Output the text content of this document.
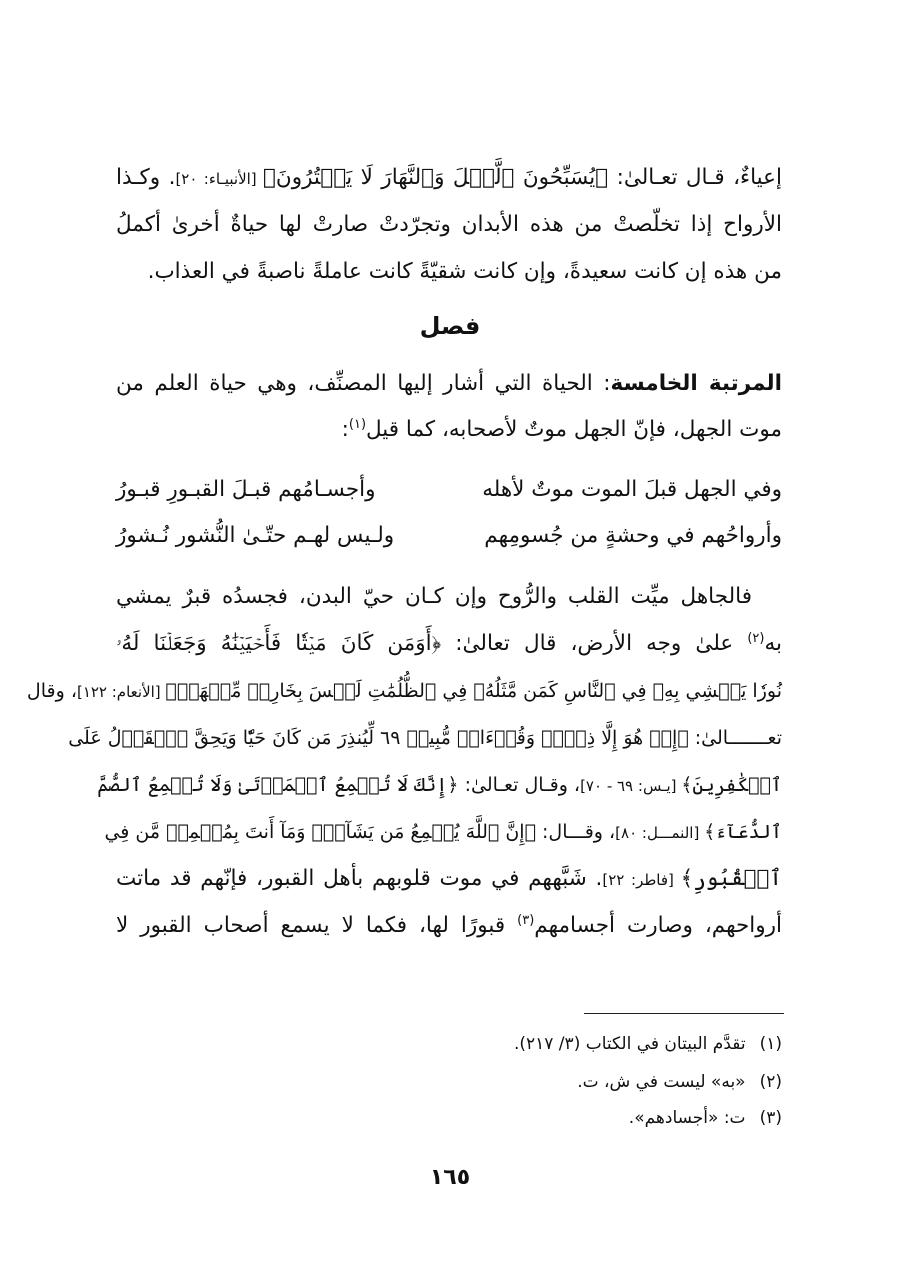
إعياءٌ، قـال تعـالىٰ: ﴿يُسَبِّحُونَ ٱلَّيۡلَ وَٱلنَّهَارَ لَا يَفۡتُرُونَ﴾ [الأنبيـاء: ٢٠]. وكـذا
الأرواح إذا تخلّصتْ من هذه الأبدان وتجرّدتْ صارتْ لها حياةٌ أخرىٰ أكملُ
من هذه إن كانت سعيدةً، وإن كانت شقيّةً كانت عاملةً ناصبةً في العذاب.
فصل
المرتبة الخامسة: الحياة التي أشار إليها المصنِّف، وهي حياة العلم من
موت الجهل، فإنّ الجهل موتٌ لأصحابه، كما قيل$^{(١)}$:
وفي الجهل قبلَ الموت موتٌ لأهله
وأجسـامُهم قبـلَ القبـورِ قبـورُ
وأرواحُهم في وحشةٍ من جُسومِهم
ولـيس لهـم حتّـىٰ النُّشور نُـشورُ
فالجاهل ميِّت القلب والرُّوح وإن كـان حيّ البدن، فجسدُه قبرٌ يمشي
به$^{(٢)}$ علىٰ وجه الأرض، قال تعالىٰ: ﴿أَوَمَن كَانَ مَيۡتٗا فَأَحۡيَيۡنَٰهُ وَجَعَلۡنَا لَهُۥ
نُورٗا يَمۡشِي بِهِۦ فِي ٱلنَّاسِ كَمَن مَّثَلُهُۥ فِي ٱلظُّلُمَٰتِ لَيۡسَ بِخَارِجٖ مِّنۡهَاۚ﴾ [الأنعام: ١٢٢]، وقال
تعـــــــالىٰ: ﴿إِنۡ هُوَ إِلَّا ذِكۡرٞ وَقُرۡءَانٞ مُّبِينٞ ٦٩ لِّيُنذِرَ مَن كَانَ حَيّٗا وَيَحِقَّ ٱلۡقَوۡلُ عَلَى
ٱلۡكَٰفِرِينَ﴾ [يـس: ٦٩ - ٧٠]، وقـال تعـالىٰ: ﴿إِنَّكَ لَا تُسۡمِعُ ٱلۡمَوۡتَىٰ وَلَا تُسۡمِعُ ٱلصُّمَّ
ٱلدُّعَآءَ﴾ [النمـــل: ٨٠]، وقـــال: ﴿إِنَّ ٱللَّهَ يُسۡمِعُ مَن يَشَآءُۖ وَمَآ أَنتَ بِمُسۡمِعٖ مَّن فِي
ٱلۡقُبُورِ﴾ [فاطر: ٢٢]. شَبَّههم في موت قلوبهم بأهل القبور، فإنّهم قد ماتت
أرواحهم، وصارت أجسامهم$^{(٣)}$ قبورًا لها، فكما لا يسمع أصحاب القبور لا
(١)تقدَّم البيتان في الكتاب (٣/ ٢١٧).
(٢)«به» ليست في ش، ت.
(٣)ت: «أجسادهم».
١٦٥
